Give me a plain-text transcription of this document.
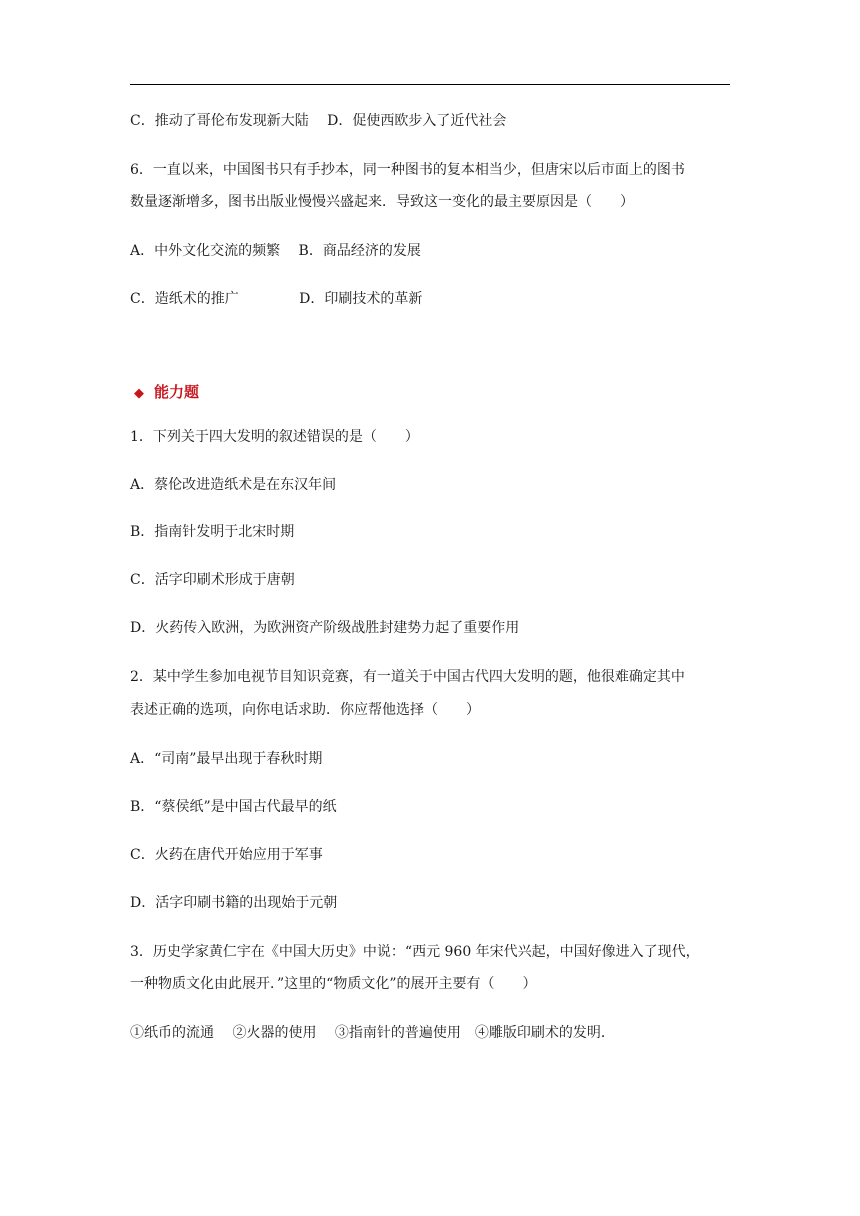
C．推动了哥伦布发现新大陆　 D．促使西欧步入了近代社会
6．一直以来，中国图书只有手抄本，同一种图书的复本相当少，但唐宋以后市面上的图书
数量逐渐增多，图书出版业慢慢兴盛起来．导致这一变化的最主要原因是（　　）
A．中外文化交流的频繁　 B．商品经济的发展
C．造纸术的推广　　　　 D．印刷技术的革新
◆ 能力题
1．下列关于四大发明的叙述错误的是（　　）
A．蔡伦改进造纸术是在东汉年间
B．指南针发明于北宋时期
C．活字印刷术形成于唐朝
D．火药传入欧洲，为欧洲资产阶级战胜封建势力起了重要作用
2．某中学生参加电视节目知识竞赛，有一道关于中国古代四大发明的题，他很难确定其中
表述正确的选项，向你电话求助．你应帮他选择（　　）
A．“司南”最早出现于春秋时期
B．“蔡侯纸”是中国古代最早的纸
C．火药在唐代开始应用于军事
D．活字印刷书籍的出现始于元朝
3．历史学家黄仁宇在《中国大历史》中说：“西元 960 年宋代兴起，中国好像进入了现代，
一种物质文化由此展开．”这里的“物质文化”的展开主要有（　　）
①纸币的流通　 ②火器的使用　 ③指南针的普遍使用　④雕版印刷术的发明．
